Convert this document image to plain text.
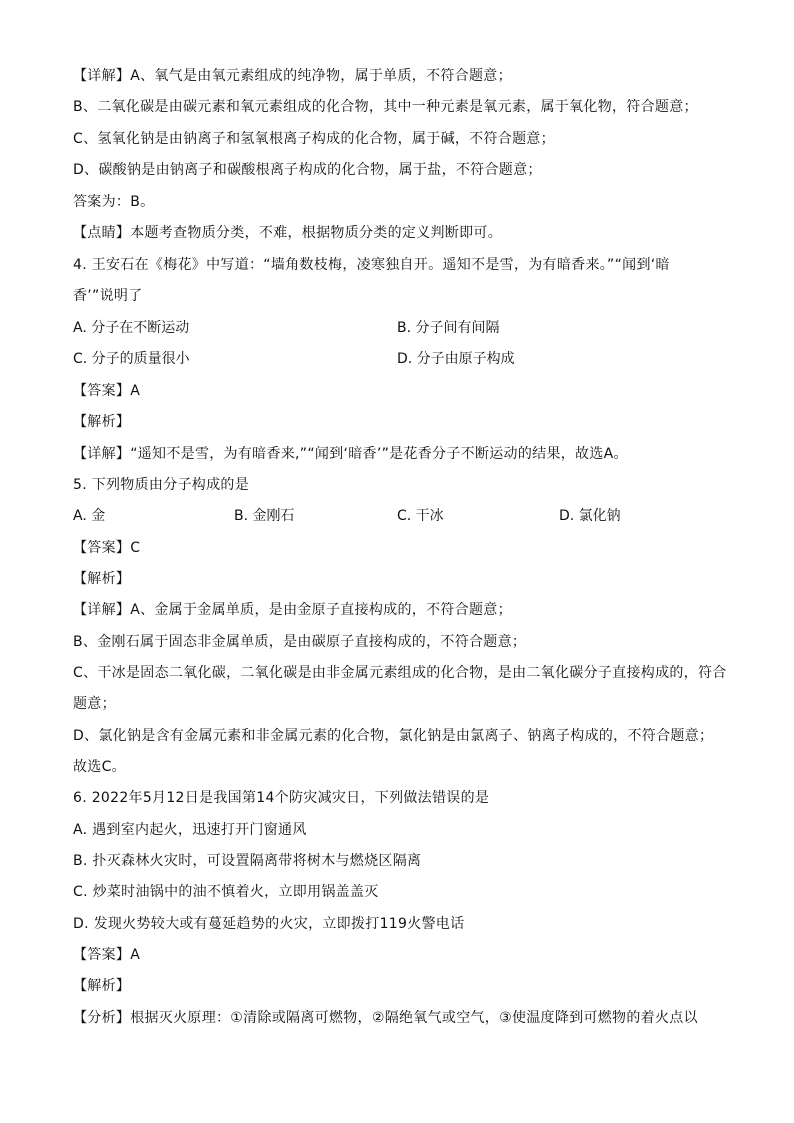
【详解】A、氧气是由氧元素组成的纯净物，属于单质，不符合题意；
B、二氧化碳是由碳元素和氧元素组成的化合物，其中一种元素是氧元素，属于氧化物，符合题意；
C、氢氧化钠是由钠离子和氢氧根离子构成的化合物，属于碱，不符合题意；
D、碳酸钠是由钠离子和碳酸根离子构成的化合物，属于盐，不符合题意；
答案为：B。
【点睛】本题考查物质分类，不难，根据物质分类的定义判断即可。
4. 王安石在《梅花》中写道：“墙角数枝梅，凌寒独自开。遥知不是雪，为有暗香来。”“闻到‘暗
香’”说明了
A. 分子在不断运动	B. 分子间有间隔
C. 分子的质量很小	D. 分子由原子构成
【答案】A
【解析】
【详解】“遥知不是雪，为有暗香来,”“闻到‘暗香’”是花香分子不断运动的结果，故选A。
5. 下列物质由分子构成的是
A. 金	B. 金刚石	C. 干冰	D. 氯化钠
【答案】C
【解析】
【详解】A、金属于金属单质，是由金原子直接构成的，不符合题意；
B、金刚石属于固态非金属单质，是由碳原子直接构成的，不符合题意；
C、干冰是固态二氧化碳，二氧化碳是由非金属元素组成的化合物，是由二氧化碳分子直接构成的，符合
题意；
D、氯化钠是含有金属元素和非金属元素的化合物，氯化钠是由氯离子、钠离子构成的，不符合题意；
故选C。
6. 2022年5月12日是我国第14个防灾减灾日，下列做法错误的是
A. 遇到室内起火，迅速打开门窗通风
B. 扑灭森林火灾时，可设置隔离带将树木与燃烧区隔离
C. 炒菜时油锅中的油不慎着火，立即用锅盖盖灭
D. 发现火势较大或有蔓延趋势的火灾，立即拨打119火警电话
【答案】A
【解析】
【分析】根据灭火原理：①清除或隔离可燃物，②隔绝氧气或空气，③使温度降到可燃物的着火点以
